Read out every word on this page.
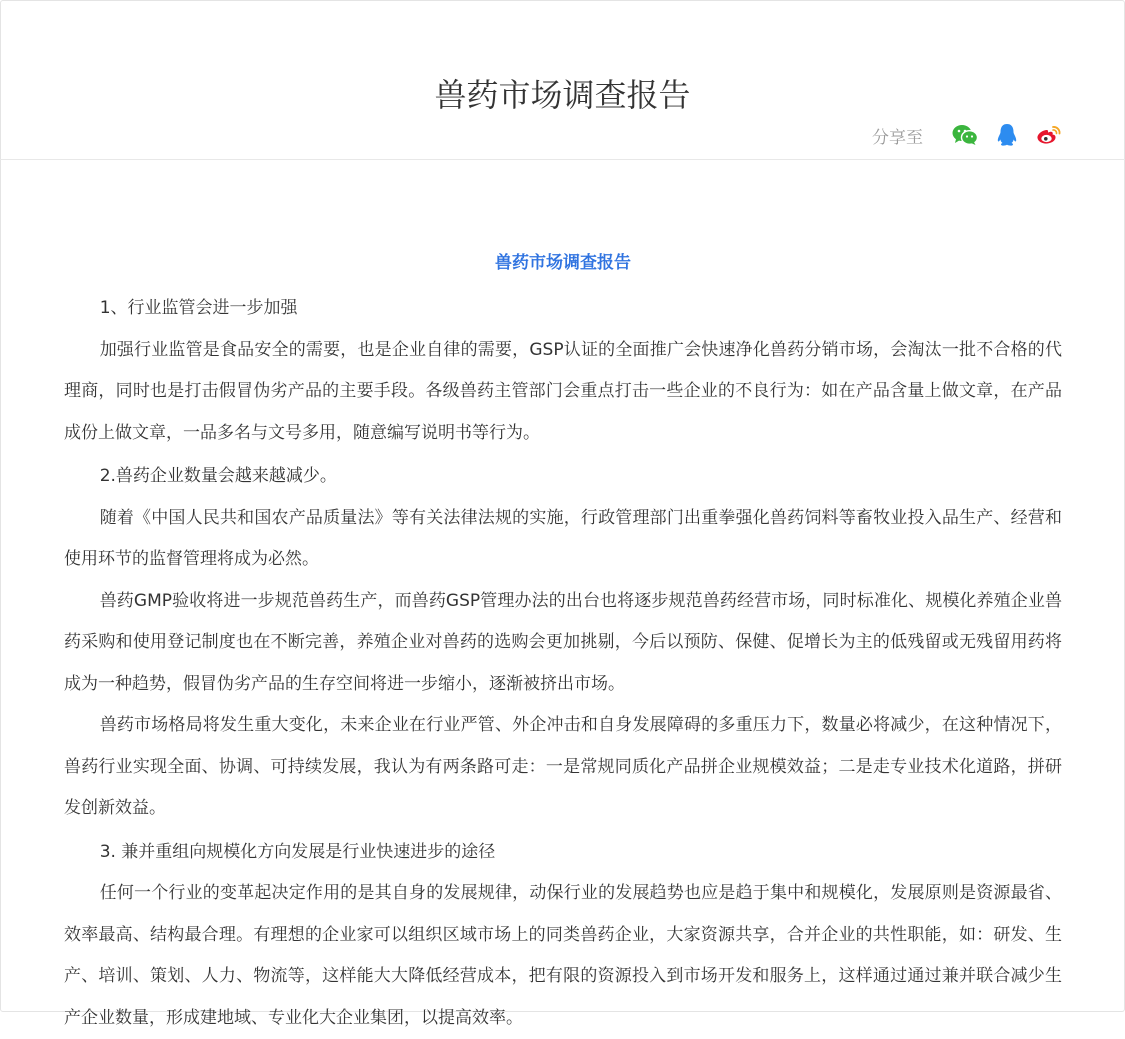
兽药市场调查报告
分享至
兽药市场调查报告

1、行业监管会进一步加强

加强行业监管是食品安全的需要，也是企业自律的需要，GSP认证的全面推广会快速净化兽药分销市场，会淘汰一批不合格的代理商，同时也是打击假冒伪劣产品的主要手段。各级兽药主管部门会重点打击一些企业的不良行为：如在产品含量上做文章，在产品成份上做文章，一品多名与文号多用，随意编写说明书等行为。

2.兽药企业数量会越来越减少。

随着《中国人民共和国农产品质量法》等有关法律法规的实施，行政管理部门出重拳强化兽药饲料等畜牧业投入品生产、经营和使用环节的监督管理将成为必然。

兽药GMP验收将进一步规范兽药生产，而兽药GSP管理办法的出台也将逐步规范兽药经营市场，同时标准化、规模化养殖企业兽药采购和使用登记制度也在不断完善，养殖企业对兽药的选购会更加挑剔，今后以预防、保健、促增长为主的低残留或无残留用药将成为一种趋势，假冒伪劣产品的生存空间将进一步缩小，逐渐被挤出市场。

兽药市场格局将发生重大变化，未来企业在行业严管、外企冲击和自身发展障碍的多重压力下，数量必将减少，在这种情况下，兽药行业实现全面、协调、可持续发展，我认为有两条路可走：一是常规同质化产品拼企业规模效益；二是走专业技术化道路，拼研发创新效益。

3. 兼并重组向规模化方向发展是行业快速进步的途径

任何一个行业的变革起决定作用的是其自身的发展规律，动保行业的发展趋势也应是趋于集中和规模化，发展原则是资源最省、效率最高、结构最合理。有理想的企业家可以组织区域市场上的同类兽药企业，大家资源共享，合并企业的共性职能，如：研发、生产、培训、策划、人力、物流等，这样能大大降低经营成本，把有限的资源投入到市场开发和服务上，这样通过通过兼并联合减少生产企业数量，形成建地域、专业化大企业集团，以提高效率。
